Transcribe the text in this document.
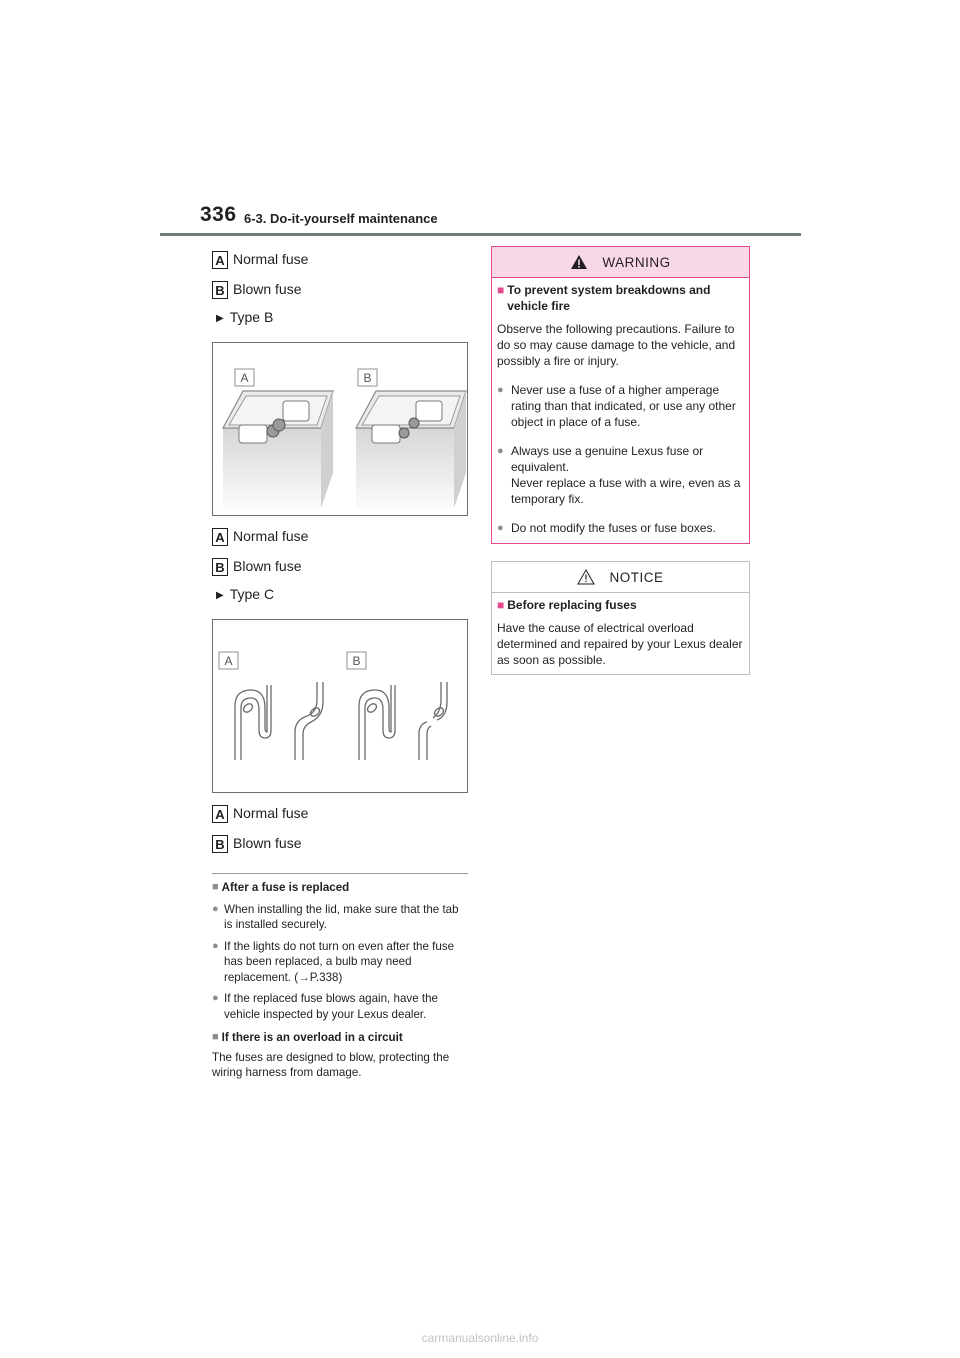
336 6-3. Do-it-yourself maintenance
A Normal fuse
B Blown fuse
▶ Type B
A	B
A Normal fuse
B Blown fuse
▶ Type C
A	B
A Normal fuse
B Blown fuse
■ After a fuse is replaced
● When installing the lid, make sure that the tab is installed securely.
● If the lights do not turn on even after the fuse has been replaced, a bulb may need replacement. (→P.338)
● If the replaced fuse blows again, have the vehicle inspected by your Lexus dealer.
■ If there is an overload in a circuit
The fuses are designed to blow, protecting the wiring harness from damage.
WARNING
■ To prevent system breakdowns and vehicle fire
Observe the following precautions. Failure to do so may cause damage to the vehicle, and possibly a fire or injury.
● Never use a fuse of a higher amperage rating than that indicated, or use any other object in place of a fuse.
● Always use a genuine Lexus fuse or equivalent.
Never replace a fuse with a wire, even as a temporary fix.
● Do not modify the fuses or fuse boxes.
NOTICE
■ Before replacing fuses
Have the cause of electrical overload determined and repaired by your Lexus dealer as soon as possible.
carmanualsonline.info
